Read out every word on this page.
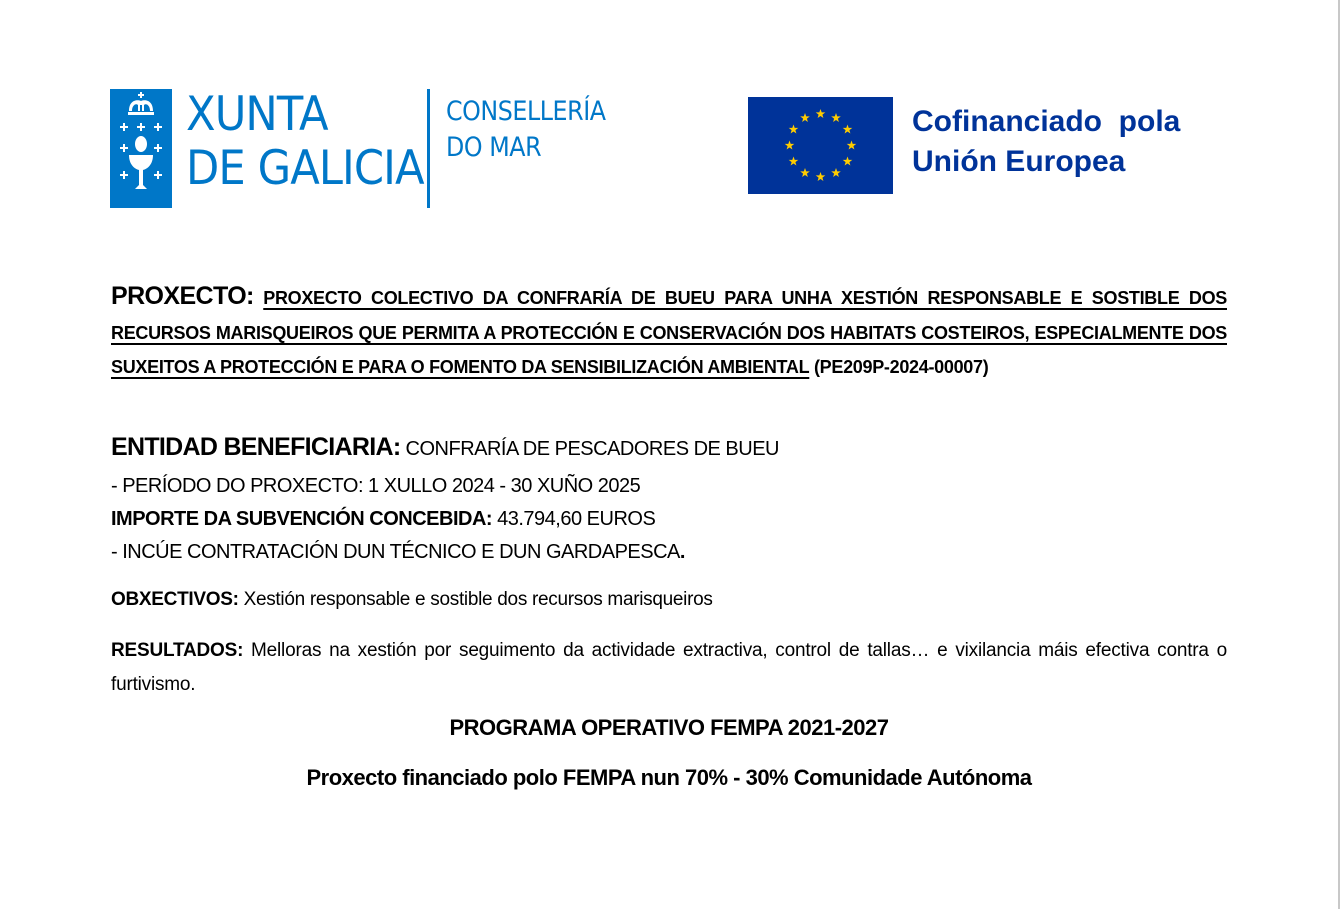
XUNTA
DE GALICIA
CONSELLERÍA
DO MAR
Cofinanciado  pola
Unión Europea
PROXECTO: PROXECTO COLECTIVO DA CONFRARÍA DE BUEU PARA UNHA XESTIÓN RESPONSABLE E SOSTIBLE DOS RECURSOS MARISQUEIROS QUE PERMITA A PROTECCIÓN E CONSERVACIÓN DOS HABITATS COSTEIROS, ESPECIALMENTE DOS SUXEITOS A PROTECCIÓN E PARA O FOMENTO DA SENSIBILIZACIÓN AMBIENTAL (PE209P-2024-00007)
ENTIDAD BENEFICIARIA: CONFRARÍA DE PESCADORES DE BUEU
- PERÍODO DO PROXECTO: 1 XULLO 2024 - 30 XUÑO 2025
IMPORTE DA SUBVENCIÓN CONCEBIDA: 43.794,60 EUROS
- INCÚE CONTRATACIÓN DUN TÉCNICO E DUN GARDAPESCA.
OBXECTIVOS: Xestión responsable e sostible dos recursos marisqueiros
RESULTADOS: Melloras na xestión por seguimento da actividade extractiva, control de tallas… e vixilancia máis efectiva contra o furtivismo.
PROGRAMA OPERATIVO FEMPA 2021-2027
Proxecto financiado polo FEMPA nun 70% - 30% Comunidade Autónoma
